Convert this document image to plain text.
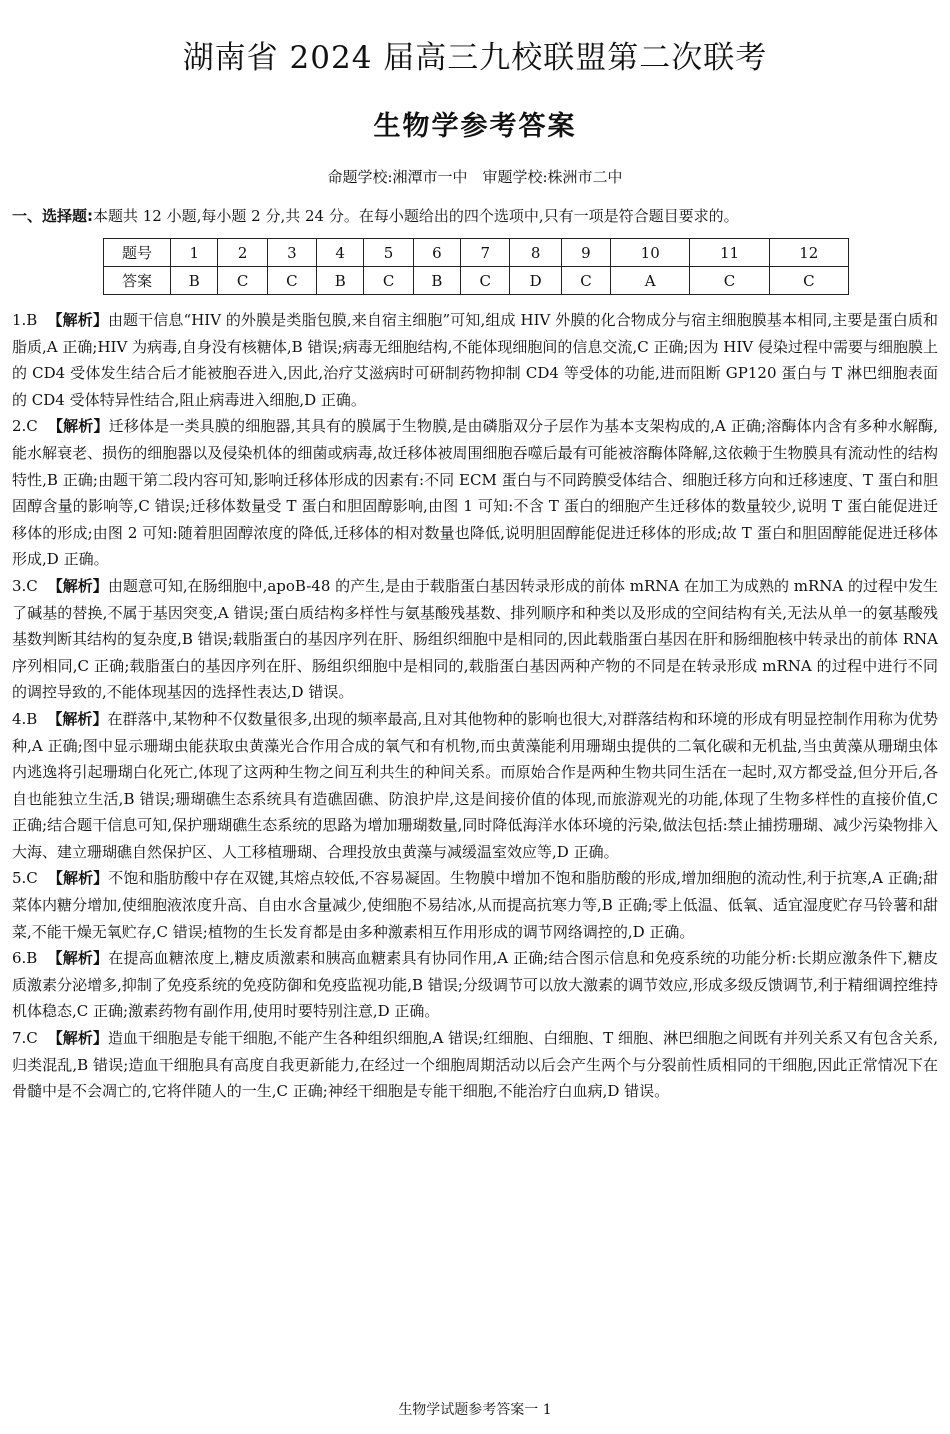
湖南省 2024 届高三九校联盟第二次联考
生物学参考答案
命题学校:湘潭市一中　审题学校:株洲市二中
一、选择题:本题共 12 小题,每小题 2 分,共 24 分。在每小题给出的四个选项中,只有一项是符合题目要求的。
题号	1	2	3	4	5	6	7	8	9	10	11	12
答案	B	C	C	B	C	B	C	D	C	A	C	C

1.B 【解析】由题干信息“HIV 的外膜是类脂包膜,来自宿主细胞”可知,组成 HIV 外膜的化合物成分与宿主细胞膜基本相同,主要是蛋白质和脂质,A 正确;HIV 为病毒,自身没有核糖体,B 错误;病毒无细胞结构,不能体现细胞间的信息交流,C 正确;因为 HIV 侵染过程中需要与细胞膜上的 CD4 受体发生结合后才能被胞吞进入,因此,治疗艾滋病时可研制药物抑制 CD4 等受体的功能,进而阻断 GP120 蛋白与 T 淋巴细胞表面的 CD4 受体特异性结合,阻止病毒进入细胞,D 正确。

2.C 【解析】迁移体是一类具膜的细胞器,其具有的膜属于生物膜,是由磷脂双分子层作为基本支架构成的,A 正确;溶酶体内含有多种水解酶,能水解衰老、损伤的细胞器以及侵染机体的细菌或病毒,故迁移体被周围细胞吞噬后最有可能被溶酶体降解,这依赖于生物膜具有流动性的结构特性,B 正确;由题干第二段内容可知,影响迁移体形成的因素有:不同 ECM 蛋白与不同跨膜受体结合、细胞迁移方向和迁移速度、T 蛋白和胆固醇含量的影响等,C 错误;迁移体数量受 T 蛋白和胆固醇影响,由图 1 可知:不含 T 蛋白的细胞产生迁移体的数量较少,说明 T 蛋白能促进迁移体的形成;由图 2 可知:随着胆固醇浓度的降低,迁移体的相对数量也降低,说明胆固醇能促进迁移体的形成;故 T 蛋白和胆固醇能促进迁移体形成,D 正确。

3.C 【解析】由题意可知,在肠细胞中,apoB-48 的产生,是由于载脂蛋白基因转录形成的前体 mRNA 在加工为成熟的 mRNA 的过程中发生了碱基的替换,不属于基因突变,A 错误;蛋白质结构多样性与氨基酸残基数、排列顺序和种类以及形成的空间结构有关,无法从单一的氨基酸残基数判断其结构的复杂度,B 错误;载脂蛋白的基因序列在肝、肠组织细胞中是相同的,因此载脂蛋白基因在肝和肠细胞核中转录出的前体 RNA 序列相同,C 正确;载脂蛋白的基因序列在肝、肠组织细胞中是相同的,载脂蛋白基因两种产物的不同是在转录形成 mRNA 的过程中进行不同的调控导致的,不能体现基因的选择性表达,D 错误。

4.B 【解析】在群落中,某物种不仅数量很多,出现的频率最高,且对其他物种的影响也很大,对群落结构和环境的形成有明显控制作用称为优势种,A 正确;图中显示珊瑚虫能获取虫黄藻光合作用合成的氧气和有机物,而虫黄藻能利用珊瑚虫提供的二氧化碳和无机盐,当虫黄藻从珊瑚虫体内逃逸将引起珊瑚白化死亡,体现了这两种生物之间互利共生的种间关系。而原始合作是两种生物共同生活在一起时,双方都受益,但分开后,各自也能独立生活,B 错误;珊瑚礁生态系统具有造礁固礁、防浪护岸,这是间接价值的体现,而旅游观光的功能,体现了生物多样性的直接价值,C 正确;结合题干信息可知,保护珊瑚礁生态系统的思路为增加珊瑚数量,同时降低海洋水体环境的污染,做法包括:禁止捕捞珊瑚、减少污染物排入大海、建立珊瑚礁自然保护区、人工移植珊瑚、合理投放虫黄藻与减缓温室效应等,D 正确。

5.C 【解析】不饱和脂肪酸中存在双键,其熔点较低,不容易凝固。生物膜中增加不饱和脂肪酸的形成,增加细胞的流动性,利于抗寒,A 正确;甜菜体内糖分增加,使细胞液浓度升高、自由水含量减少,使细胞不易结冰,从而提高抗寒力等,B 正确;零上低温、低氧、适宜湿度贮存马铃薯和甜菜,不能干燥无氧贮存,C 错误;植物的生长发育都是由多种激素相互作用形成的调节网络调控的,D 正确。

6.B 【解析】在提高血糖浓度上,糖皮质激素和胰高血糖素具有协同作用,A 正确;结合图示信息和免疫系统的功能分析:长期应激条件下,糖皮质激素分泌增多,抑制了免疫系统的免疫防御和免疫监视功能,B 错误;分级调节可以放大激素的调节效应,形成多级反馈调节,利于精细调控维持机体稳态,C 正确;激素药物有副作用,使用时要特别注意,D 正确。

7.C 【解析】造血干细胞是专能干细胞,不能产生各种组织细胞,A 错误;红细胞、白细胞、T 细胞、淋巴细胞之间既有并列关系又有包含关系,归类混乱,B 错误;造血干细胞具有高度自我更新能力,在经过一个细胞周期活动以后会产生两个与分裂前性质相同的干细胞,因此正常情况下在骨髓中是不会凋亡的,它将伴随人的一生,C 正确;神经干细胞是专能干细胞,不能治疗白血病,D 错误。

生物学试题参考答案一 1
